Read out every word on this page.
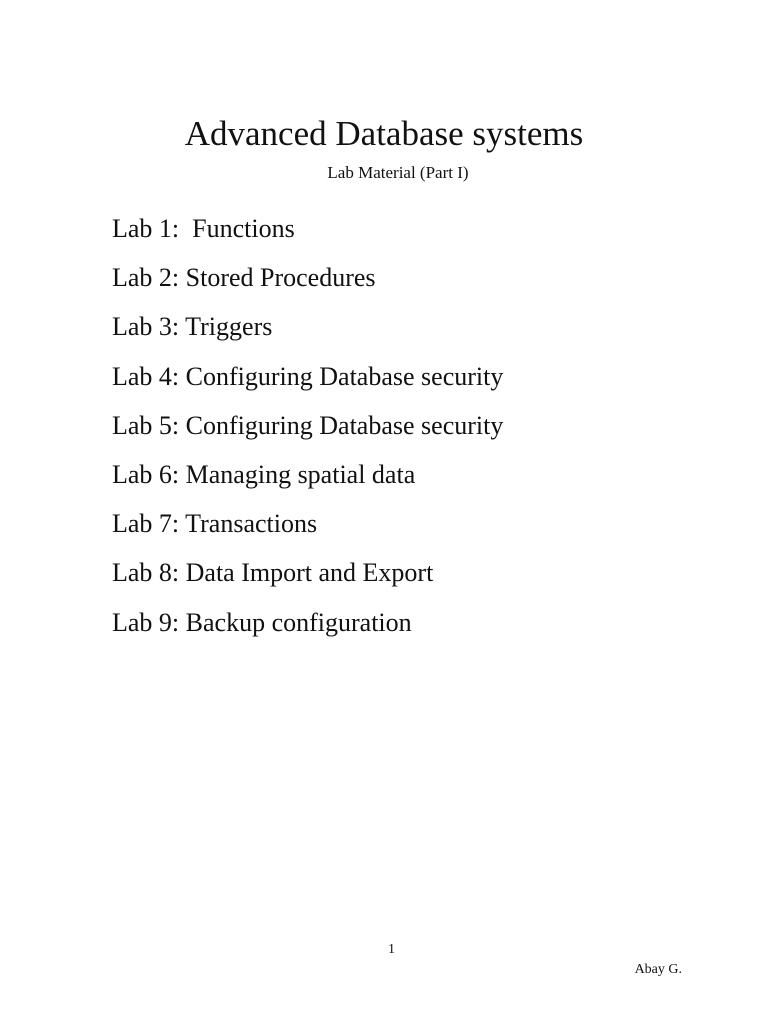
Advanced Database systems
Lab Material (Part I)
Lab 1:  Functions
Lab 2: Stored Procedures
Lab 3: Triggers
Lab 4: Configuring Database security
Lab 5: Configuring Database security
Lab 6: Managing spatial data
Lab 7: Transactions
Lab 8: Data Import and Export
Lab 9: Backup configuration
1
Abay G.
